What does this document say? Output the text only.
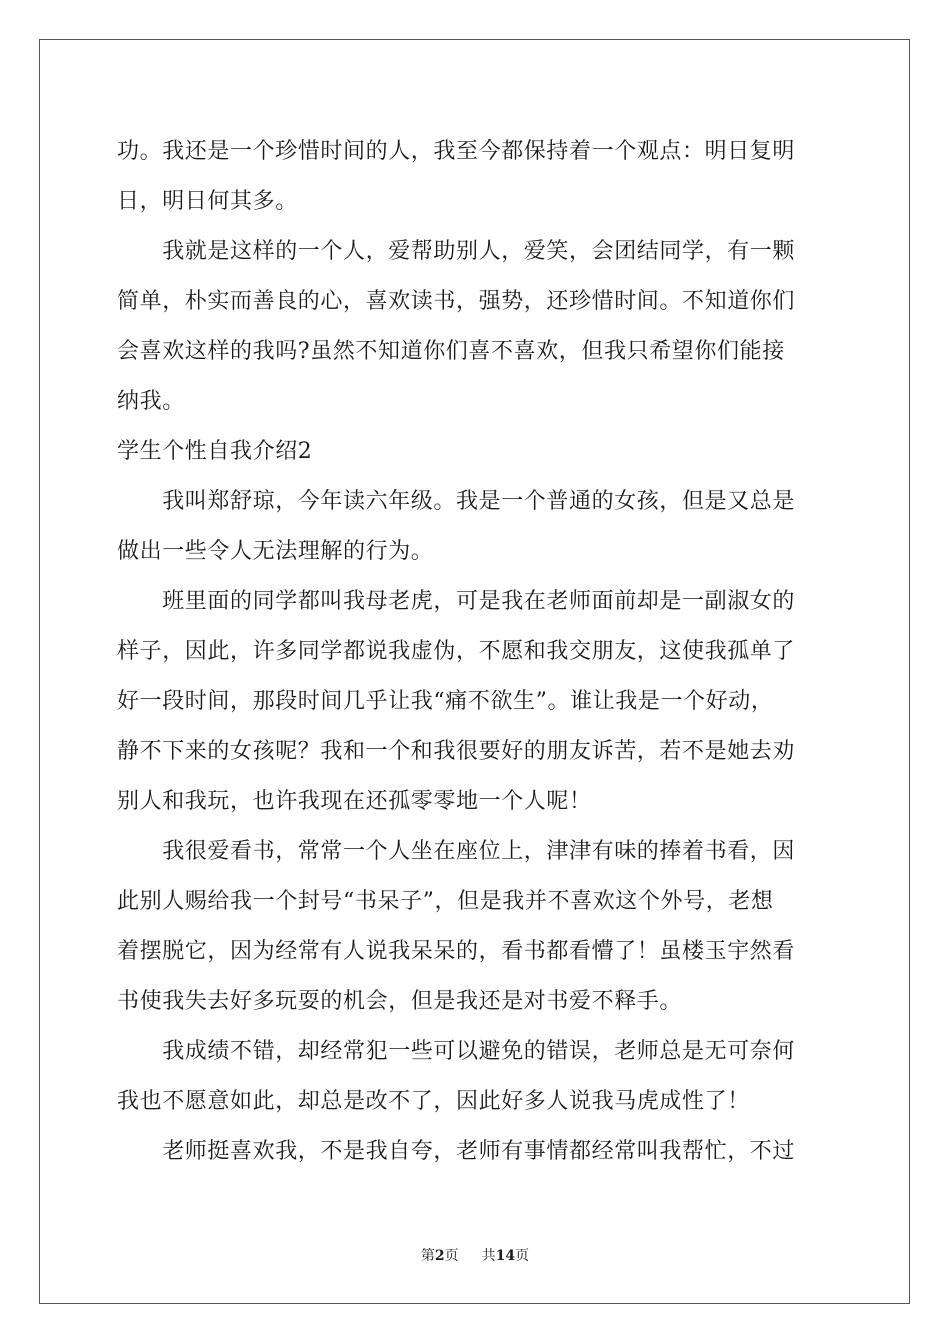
功。我还是一个珍惜时间的人，我至今都保持着一个观点：明日复明
日，明日何其多。
　　我就是这样的一个人，爱帮助别人，爱笑，会团结同学，有一颗
简单，朴实而善良的心，喜欢读书，强势，还珍惜时间。不知道你们
会喜欢这样的我吗?虽然不知道你们喜不喜欢，但我只希望你们能接
纳我。
学生个性自我介绍2
　　我叫郑舒琼，今年读六年级。我是一个普通的女孩，但是又总是
做出一些令人无法理解的行为。
　　班里面的同学都叫我母老虎，可是我在老师面前却是一副淑女的
样子，因此，许多同学都说我虚伪，不愿和我交朋友，这使我孤单了
好一段时间，那段时间几乎让我“痛不欲生”。谁让我是一个好动，
静不下来的女孩呢？我和一个和我很要好的朋友诉苦，若不是她去劝
别人和我玩，也许我现在还孤零零地一个人呢！
　　我很爱看书，常常一个人坐在座位上，津津有味的捧着书看，因
此别人赐给我一个封号“书呆子”，但是我并不喜欢这个外号，老想
着摆脱它，因为经常有人说我呆呆的，看书都看懵了！虽楼玉宇然看
书使我失去好多玩耍的机会，但是我还是对书爱不释手。
　　我成绩不错，却经常犯一些可以避免的错误，老师总是无可奈何
我也不愿意如此，却总是改不了，因此好多人说我马虎成性了！
　　老师挺喜欢我，不是我自夸，老师有事情都经常叫我帮忙，不过
第2页 共14页
